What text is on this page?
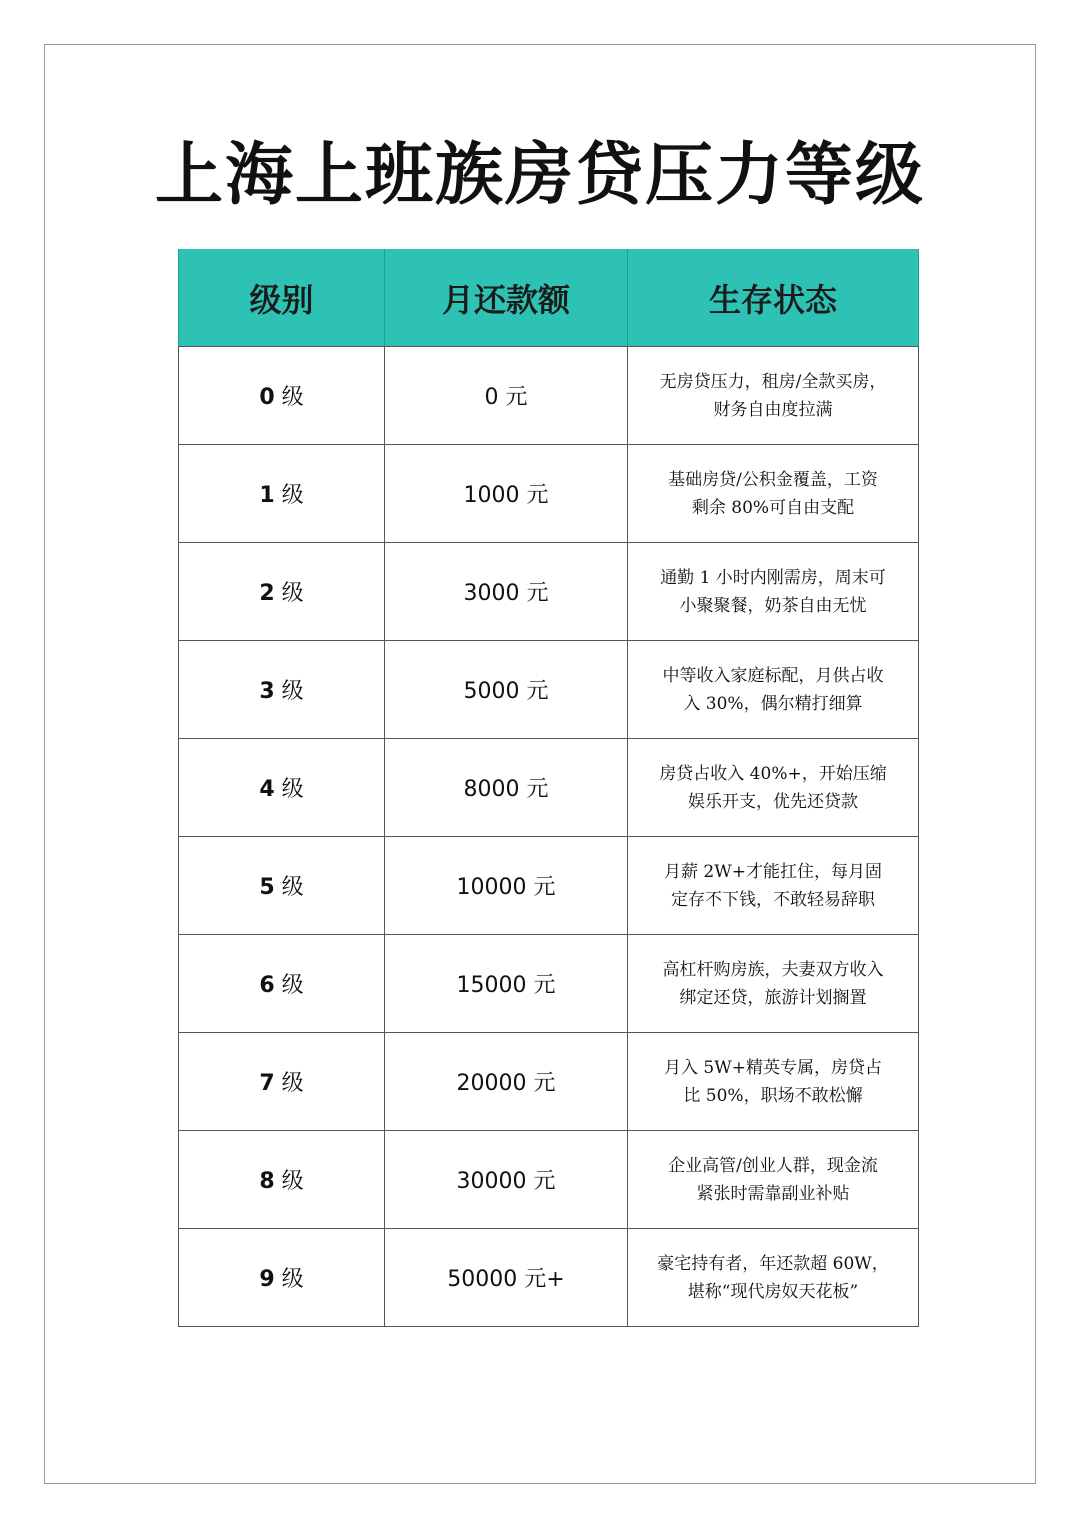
上海上班族房贷压力等级
级别	月还款额	生存状态
0 级	0 元	无房贷压力，租房/全款买房，
财务自由度拉满

1 级	1000 元	基础房贷/公积金覆盖，工资
剩余 80%可自由支配

2 级	3000 元	通勤 1 小时内刚需房，周末可
小聚聚餐，奶茶自由无忧

3 级	5000 元	中等收入家庭标配，月供占收
入 30%，偶尔精打细算

4 级	8000 元	房贷占收入 40%+，开始压缩
娱乐开支，优先还贷款

5 级	10000 元	月薪 2W+才能扛住，每月固
定存不下钱，不敢轻易辞职

6 级	15000 元	高杠杆购房族，夫妻双方收入
绑定还贷，旅游计划搁置

7 级	20000 元	月入 5W+精英专属，房贷占
比 50%，职场不敢松懈

8 级	30000 元	企业高管/创业人群，现金流
紧张时需靠副业补贴

9 级	50000 元+	豪宅持有者，年还款超 60W，
堪称“现代房奴天花板”
